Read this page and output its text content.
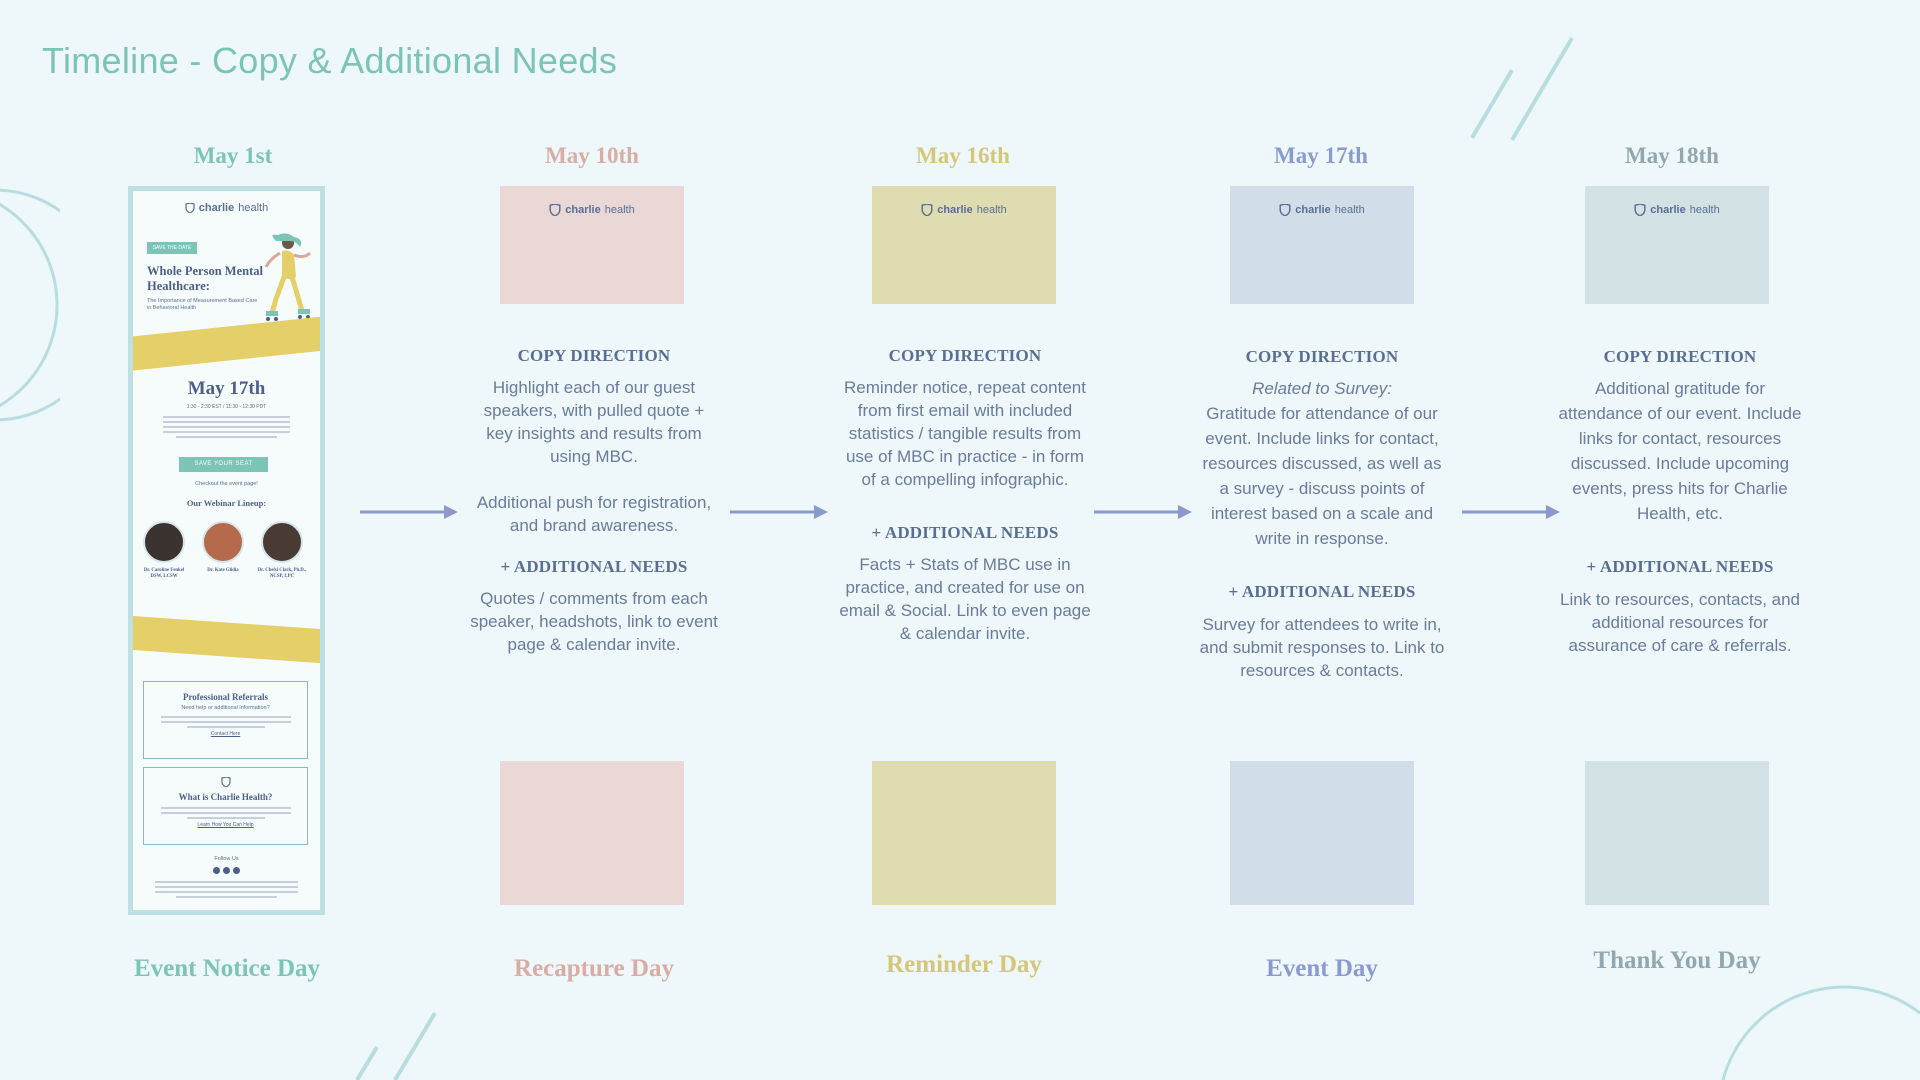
Timeline - Copy & Additional Needs
May 1st	May 10th	May 16th	May 17th	May 18th
charlie health
SAVE THE DATE
Whole Person Mental Healthcare:
The Importance of Measurement Based Care in Behavioral Health
May 17th
1:30 - 2:30 EST / 11:30 - 12:30 PDT
SAVE YOUR SEAT
Checkout the event page!
Our Webinar Lineup:
Dr. Caroline Fenkel DSW, LCSW
Dr. Kate Glidia	Dr. Chelsi Clark, Ph.D., NCSP, LPC
Professional Referrals
Need help or additional information?
Contact Here
What is Charlie Health?
Learn How You Can Help
Follow Us
charlie health	charlie health	charlie health	charlie health
COPY DIRECTION

Highlight each of our guest speakers, with pulled quote + key insights and results from using MBC.

Additional push for registration, and brand awareness.

+ ADDITIONAL NEEDS

Quotes / comments from each speaker, headshots, link to event page & calendar invite.

COPY DIRECTION

Reminder notice, repeat content from first email with included statistics / tangible results from use of MBC in practice - in form of a compelling infographic.

+ ADDITIONAL NEEDS

Facts + Stats of MBC use in practice, and created for use on email & Social. Link to even page & calendar invite.

COPY DIRECTION

Related to Survey:

Gratitude for attendance of our event. Include links for contact, resources discussed, as well as a survey - discuss points of interest based on a scale and write in response.

+ ADDITIONAL NEEDS

Survey for attendees to write in, and submit responses to. Link to resources & contacts.

COPY DIRECTION

Additional gratitude for attendance of our event. Include links for contact, resources discussed. Include upcoming events, press hits for Charlie Health, etc.

+ ADDITIONAL NEEDS

Link to resources, contacts, and additional resources for assurance of care & referrals.

Event Notice Day	Recapture Day	Reminder Day	Event Day	Thank You Day
